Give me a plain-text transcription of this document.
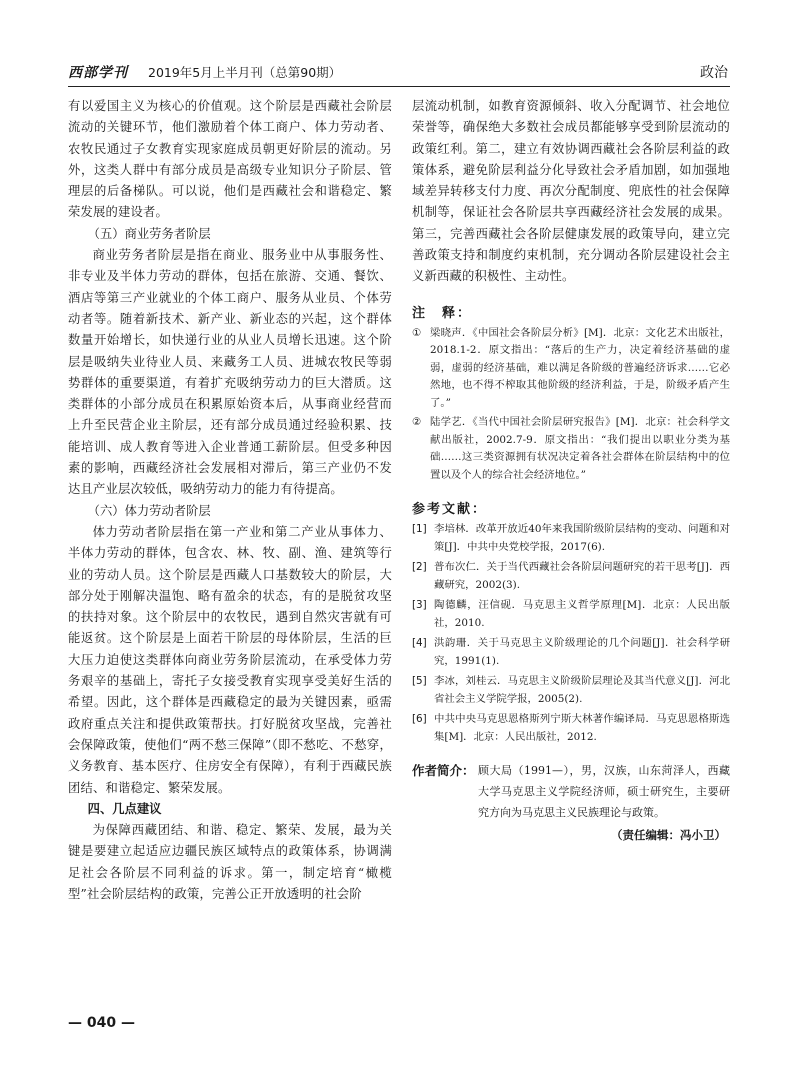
西部学刊 2019年5月上半月刊（总第90期）	政治

有以爱国主义为核心的价值观。这个阶层是西藏社会阶层流动的关键环节，他们激励着个体工商户、体力劳动者、农牧民通过子女教育实现家庭成员朝更好阶层的流动。另外，这类人群中有部分成员是高级专业知识分子阶层、管理层的后备梯队。可以说，他们是西藏社会和谐稳定、繁荣发展的建设者。

（五）商业劳务者阶层

商业劳务者阶层是指在商业、服务业中从事服务性、非专业及半体力劳动的群体，包括在旅游、交通、餐饮、酒店等第三产业就业的个体工商户、服务从业员、个体劳动者等。随着新技术、新产业、新业态的兴起，这个群体数量开始增长，如快递行业的从业人员增长迅速。这个阶层是吸纳失业待业人员、来藏务工人员、进城农牧民等弱势群体的重要渠道，有着扩充吸纳劳动力的巨大潜质。这类群体的小部分成员在积累原始资本后，从事商业经营而上升至民营企业主阶层，还有部分成员通过经验积累、技能培训、成人教育等进入企业普通工薪阶层。但受多种因素的影响，西藏经济社会发展相对滞后，第三产业仍不发达且产业层次较低，吸纳劳动力的能力有待提高。

（六）体力劳动者阶层

体力劳动者阶层指在第一产业和第二产业从事体力、半体力劳动的群体，包含农、林、牧、副、渔、建筑等行业的劳动人员。这个阶层是西藏人口基数较大的阶层，大部分处于刚解决温饱、略有盈余的状态，有的是脱贫攻坚的扶持对象。这个阶层中的农牧民，遇到自然灾害就有可能返贫。这个阶层是上面若干阶层的母体阶层，生活的巨大压力迫使这类群体向商业劳务阶层流动，在承受体力劳务艰辛的基础上，寄托子女接受教育实现享受美好生活的希望。因此，这个群体是西藏稳定的最为关键因素，亟需政府重点关注和提供政策帮扶。打好脱贫攻坚战，完善社会保障政策，使他们“两不愁三保障”（即不愁吃、不愁穿，义务教育、基本医疗、住房安全有保障），有利于西藏民族团结、和谐稳定、繁荣发展。

四、几点建议

为保障西藏团结、和谐、稳定、繁荣、发展，最为关键是要建立起适应边疆民族区域特点的政策体系，协调满足社会各阶层不同利益的诉求。第一，制定培育“橄榄型”社会阶层结构的政策，完善公正开放透明的社会阶

层流动机制，如教育资源倾斜、收入分配调节、社会地位荣誉等，确保绝大多数社会成员都能够享受到阶层流动的政策红利。第二，建立有效协调西藏社会各阶层利益的政策体系，避免阶层利益分化导致社会矛盾加剧，如加强地域差异转移支付力度、再次分配制度、兜底性的社会保障机制等，保证社会各阶层共享西藏经济社会发展的成果。第三，完善西藏社会各阶层健康发展的政策导向，建立完善政策支持和制度约束机制，充分调动各阶层建设社会主义新西藏的积极性、主动性。

注　释：
① 梁晓声．《中国社会各阶层分析》[M]．北京：文化艺术出版社，2018.1-2．原文指出：“落后的生产力，决定着经济基础的虚弱，虚弱的经济基础，难以满足各阶级的普遍经济诉求……它必然地，也不得不榨取其他阶级的经济利益，于是，阶级矛盾产生了。”
② 陆学艺．《当代中国社会阶层研究报告》[M]．北京：社会科学文献出版社，2002.7-9．原文指出：“我们提出以职业分类为基础……这三类资源拥有状况决定着各社会群体在阶层结构中的位置以及个人的综合社会经济地位。”
参考文献：
[1] 李培林．改革开放近40年来我国阶级阶层结构的变动、问题和对策[J]．中共中央党校学报，2017(6).
[2] 普布次仁．关于当代西藏社会各阶层问题研究的若干思考[J]．西藏研究，2002(3).
[3] 陶德麟，汪信砚．马克思主义哲学原理[M]．北京：人民出版社，2010.
[4] 洪韵珊．关于马克思主义阶级理论的几个问题[J]．社会科学研究，1991(1).
[5] 李冰，刘桂云．马克思主义阶级阶层理论及其当代意义[J]．河北省社会主义学院学报，2005(2).
[6] 中共中央马克思恩格斯列宁斯大林著作编译局．马克思恩格斯选集[M]．北京：人民出版社，2012.
作者简介： 顾大局（1991—），男，汉族，山东菏泽人，西藏大学马克思主义学院经济师，硕士研究生，主要研究方向为马克思主义民族理论与政策。
（责任编辑：冯小卫）
— 040 —
